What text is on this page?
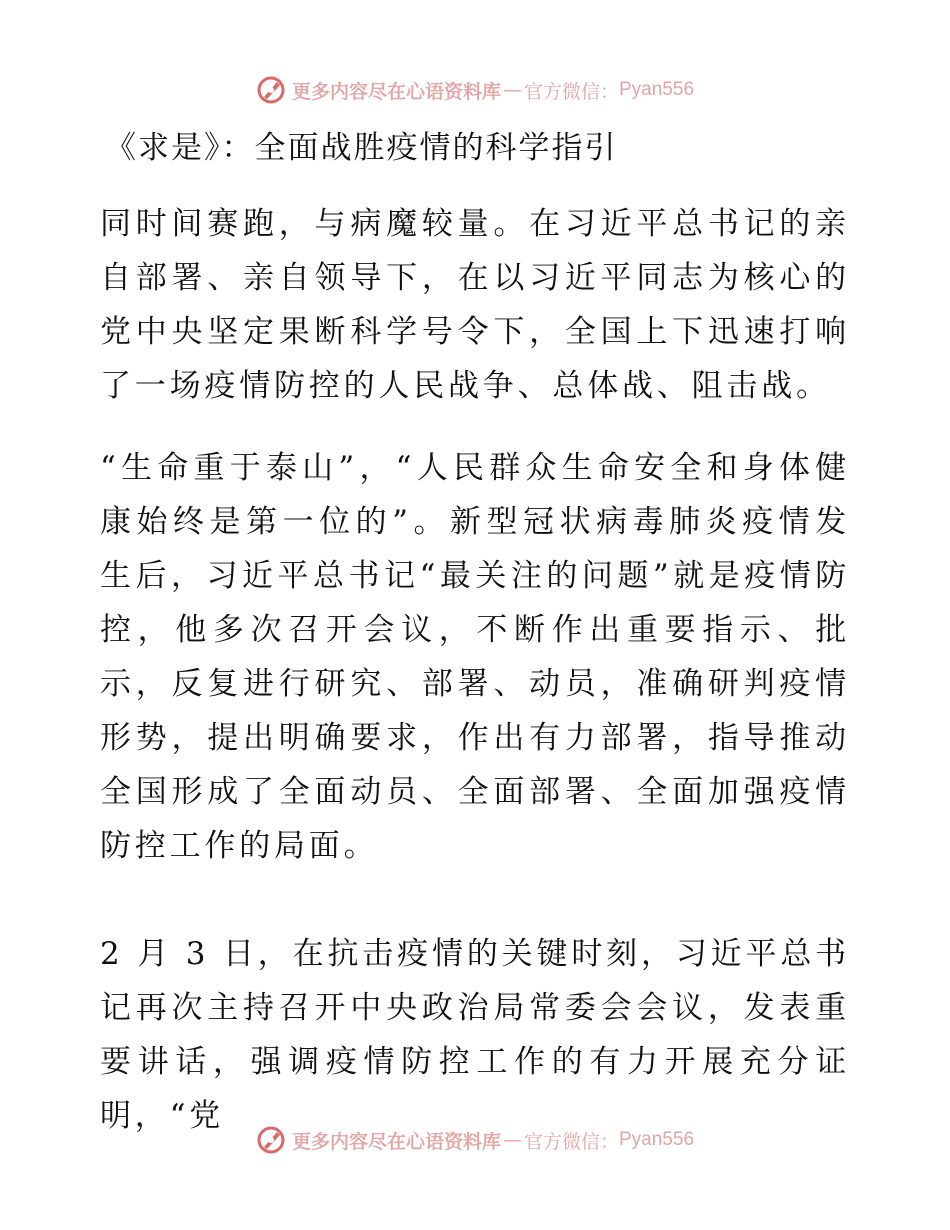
更多内容尽在心语资料库 — 官方微信： Pyan556
《求是》：全面战胜疫情的科学指引
同时间赛跑，与病魔较量。在习近平总书记的亲自部署、亲自领导下，在以习近平同志为核心的党中央坚定果断科学号令下，全国上下迅速打响了一场疫情防控的人民战争、总体战、阻击战。
“生命重于泰山”，“人民群众生命安全和身体健康始终是第一位的”。新型冠状病毒肺炎疫情发生后，习近平总书记“最关注的问题”就是疫情防控，他多次召开会议，不断作出重要指示、批示，反复进行研究、部署、动员，准确研判疫情形势，提出明确要求，作出有力部署，指导推动全国形成了全面动员、全面部署、全面加强疫情防控工作的局面。
2 月 3 日，在抗击疫情的关键时刻，习近平总书记再次主持召开中央政治局常委会会议，发表重要讲话，强调疫情防控工作的有力开展充分证明，“党
更多内容尽在心语资料库 — 官方微信： Pyan556
